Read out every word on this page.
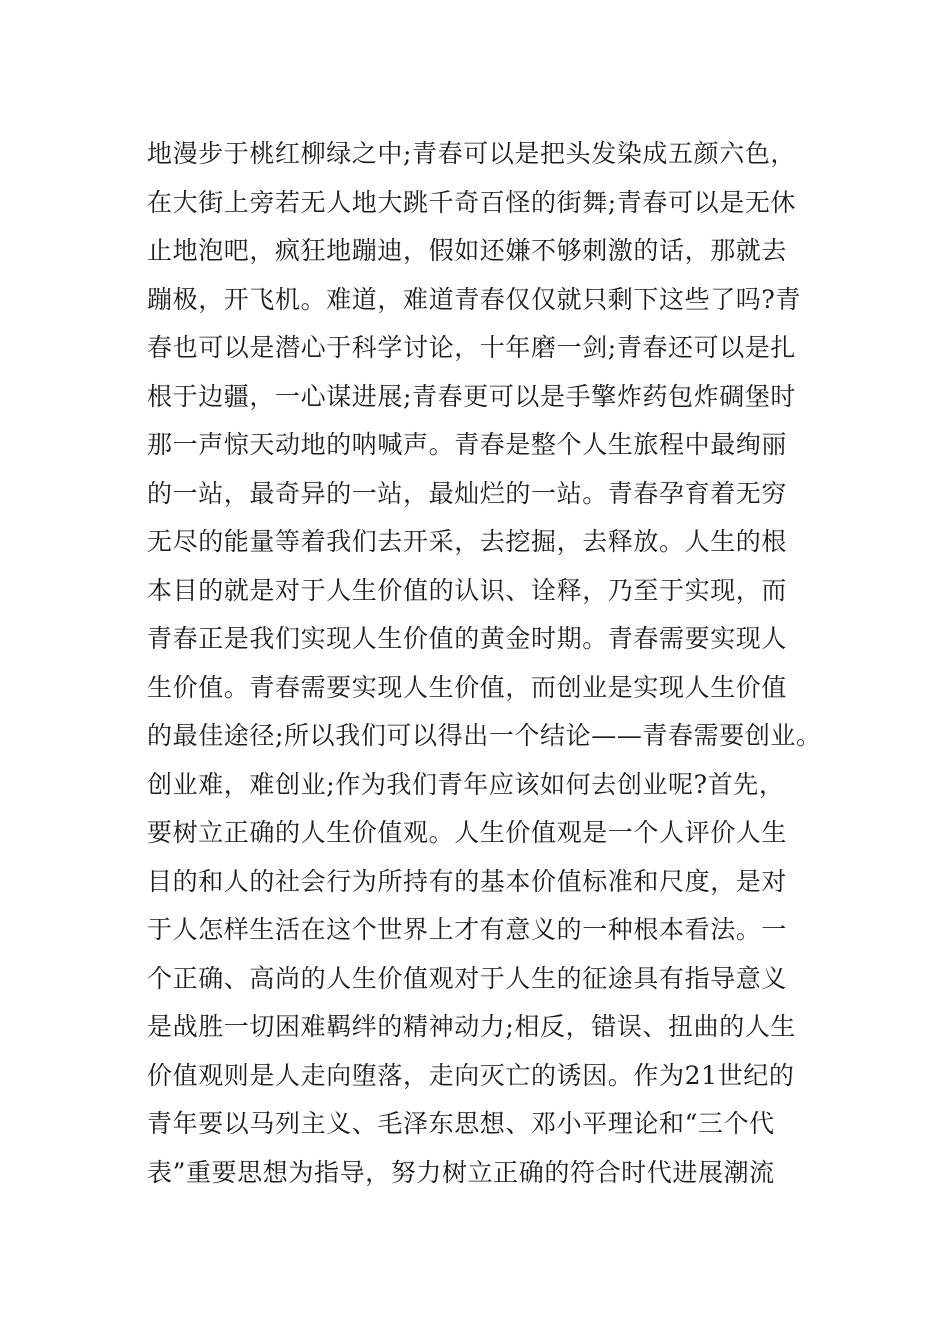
地漫步于桃红柳绿之中;青春可以是把头发染成五颜六色，
在大街上旁若无人地大跳千奇百怪的街舞;青春可以是无休
止地泡吧，疯狂地蹦迪，假如还嫌不够刺激的话，那就去
蹦极，开飞机。难道，难道青春仅仅就只剩下这些了吗?青
春也可以是潜心于科学讨论，十年磨一剑;青春还可以是扎
根于边疆，一心谋进展;青春更可以是手擎炸药包炸碉堡时
那一声惊天动地的呐喊声。青春是整个人生旅程中最绚丽
的一站，最奇异的一站，最灿烂的一站。青春孕育着无穷
无尽的能量等着我们去开采，去挖掘，去释放。人生的根
本目的就是对于人生价值的认识、诠释，乃至于实现，而
青春正是我们实现人生价值的黄金时期。青春需要实现人
生价值。青春需要实现人生价值，而创业是实现人生价值
的最佳途径;所以我们可以得出一个结论——青春需要创业。
创业难，难创业;作为我们青年应该如何去创业呢?首先，
要树立正确的人生价值观。人生价值观是一个人评价人生
目的和人的社会行为所持有的基本价值标准和尺度，是对
于人怎样生活在这个世界上才有意义的一种根本看法。一
个正确、高尚的人生价值观对于人生的征途具有指导意义
是战胜一切困难羁绊的精神动力;相反，错误、扭曲的人生
价值观则是人走向堕落，走向灭亡的诱因。作为21世纪的
青年要以马列主义、毛泽东思想、邓小平理论和“三个代
表”重要思想为指导，努力树立正确的符合时代进展潮流
